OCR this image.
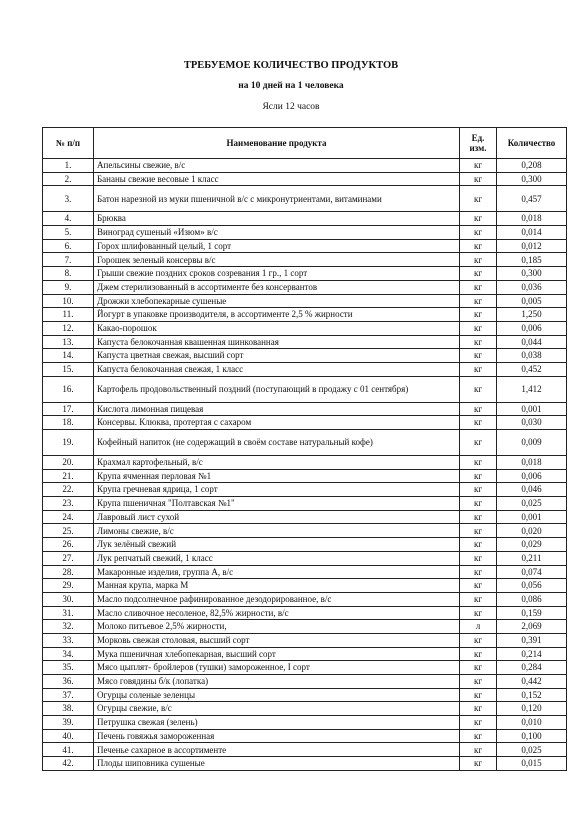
ТРЕБУЕМОЕ КОЛИЧЕСТВО ПРОДУКТОВ
на 10 дней на 1 человека
Ясли 12 часов
№ п/п	Наименование продукта	Ед. изм.	Количество
1.	Апельсины свежие, в/с	кг	0,208
2.	Бананы свежие весовые 1 класс	кг	0,300
3.	Батон нарезной из муки пшеничной в/с с микронутриентами, витаминами	кг	0,457
4.	Брюква	кг	0,018
5.	Виноград сушеный «Изюм» в/с	кг	0,014
6.	Горох шлифованный целый, 1 сорт	кг	0,012
7.	Горошек зеленый консервы в/с	кг	0,185
8.	Грыши свежие поздних сроков созревания 1 гр., 1 сорт	кг	0,300
9.	Джем стерилизованный в ассортименте без консервантов	кг	0,036
10.	Дрожжи хлебопекарные сушеные	кг	0,005
11.	Йогурт в упаковке производителя, в ассортименте 2,5 % жирности	кг	1,250
12.	Какао-порошок	кг	0,006
13.	Капуста белокочанная квашенная шинкованная	кг	0,044
14.	Капуста цветная свежая, высший сорт	кг	0,038
15.	Капуста белокочанная свежая, 1 класс	кг	0,452
16.	Картофель продовольственный поздний (поступающий в продажу с 01 сентября)	кг	1,412
17.	Кислота лимонная пищевая	кг	0,001
18.	Консервы. Клюква, протертая с сахаром	кг	0,030
19.	Кофейный напиток (не содержащий в своём составе натуральный кофе)	кг	0,009
20.	Крахмал картофельный, в/с	кг	0,018
21.	Крупа ячменная перловая №1	кг	0,006
22.	Крупа гречневая ядрица, 1 сорт	кг	0,046
23.	Крупа пшеничная "Полтавская №1"	кг	0,025
24.	Лавровый лист сухой	кг	0,001
25.	Лимоны свежие, в/с	кг	0,020
26.	Лук зелёный свежий	кг	0,029
27.	Лук репчатый свежий, 1 класс	кг	0,211
28.	Макаронные изделия, группа А, в/с	кг	0,074
29.	Манная крупа, марка М	кг	0,056
30.	Масло подсолнечное рафинированное дезодорированное, в/с	кг	0,086
31.	Масло сливочное несоленое, 82,5% жирности, в/с	кг	0,159
32.	Молоко питьевое 2,5% жирности,	л	2,069
33.	Морковь свежая столовая, высший сорт	кг	0,391
34.	Мука пшеничная хлебопекарная, высший сорт	кг	0,214
35.	Мясо цыплят- бройлеров (тушки) замороженное, I сорт	кг	0,284
36.	Мясо говядины б/к (лопатка)	кг	0,442
37.	Огурцы соленые зеленцы	кг	0,152
38.	Огурцы свежие, в/с	кг	0,120
39.	Петрушка свежая (зелень)	кг	0,010
40.	Печень говяжья замороженная	кг	0,100
41.	Печенье сахарное в ассортименте	кг	0,025
42.	Плоды шиповника сушеные	кг	0,015
